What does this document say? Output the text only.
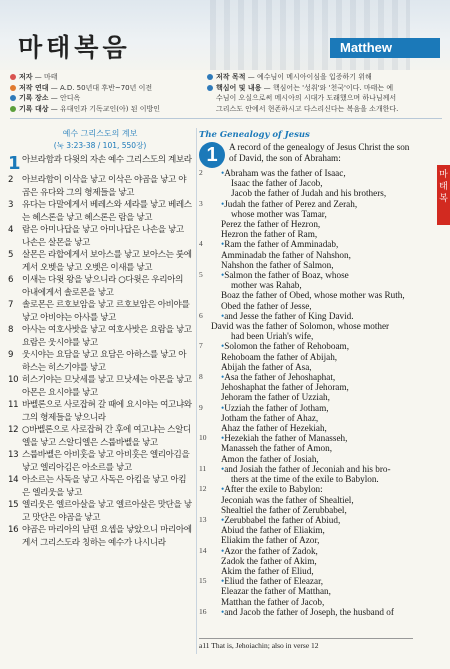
마태복음	Matthew
저자 — 마태
저작 연대 — A.D. 50년대 후반~70년 이전
기록 장소 — 안디옥
기록 대상 — 유대인과 기독교인(아) 된 이방인
저작 목적 — 예수님이 메시아이심을 입증하기 위해
핵심어 및 내용 — 핵심어는 '성취'와 '천국'이다. 마태는 예
수님이 오실으로써 메시아의 시대가 도래했으며 하나님께서
그리스도 안에서 현존하시고 다스리신다는 복음을 소개한다.
예수 그리스도의 계보
(눅 3:23-38 / 101, 550장)
1 아브라함과 다윗의 자손 예수 그리스도의 계보라
2	아브라함이 이삭을 낳고 이삭은 야곱을 낳고 야곱은 유다와 그의 형제들을 낳고
3	유다는 다말에게서 베레스와 세라를 낳고 베레스는 헤스론을 낳고 헤스론은 람을 낳고
4	람은 아미나답을 낳고 아미나답은 나손을 낳고 나손은 살몬을 낳고
5	살몬은 라합에게서 보아스를 낳고 보아스는 룻에게서 오벳을 낳고 오벳은 이새를 낳고
6	이새는 다윗 왕을 낳으니라 ○다윗은 우리아의 아내에게서 솔로몬을 낳고
7	솔로몬은 르호보암을 낳고 르호보암은 아비야를 낳고 아비야는 아사를 낳고
8	아사는 여호사밧을 낳고 여호사밧은 요람을 낳고 요람은 웃시야를 낳고
9	웃시야는 요담을 낳고 요담은 아하스를 낳고 아하스는 히스기야를 낳고
10 히스기야는 므낫세를 낳고 므낫세는 아몬을 낳고 아몬은 요시야를 낳고
11 바벨론으로 사로잡혀 갈 때에 요시야는 여고냐와 그의 형제들을 낳으니라
12 ○바벨론으로 사로잡혀 간 후에 여고냐는 스알디엘을 낳고 스알디엘은 스룹바벨을 낳고
13 스룹바벨은 아비훗을 낳고 아비훗은 엘리아김을 낳고 엘리아김은 아소르를 낳고
14 아소르는 사독을 낳고 사독은 아킴을 낳고 아킴은 엘리웃을 낳고
15 엘리웃은 엘르아살을 낳고 엘르아살은 맛단을 낳고 맛단은 야곱을 낳고
16 야곱은 마리아의 남편 요셉을 낳았으니 마리아에게서 그리스도라 칭하는 예수가 나시니라
The Genealogy of Jesus
1	A record of the genealogy of Jesus Christ the son of David, the son of Abraham:
2	•Abraham was the father of Isaac,
Isaac the father of Jacob,
Jacob the father of Judah and his brothers,
3	•Judah the father of Perez and Zerah,
whose mother was Tamar,
Perez the father of Hezron,
Hezron the father of Ram,
4	•Ram the father of Amminadab,
Amminadab the father of Nahshon,
Nahshon the father of Salmon,
5	•Salmon the father of Boaz, whose
mother was Rahab,
Boaz the father of Obed, whose mother was Ruth,
Obed the father of Jesse,
6	•and Jesse the father of King David.
David was the father of Solomon, whose mother
had been Uriah's wife,
7	•Solomon the father of Rehoboam,
Rehoboam the father of Abijah,
Abijah the father of Asa,
8	•Asa the father of Jehoshaphat,
Jehoshaphat the father of Jehoram,
Jehoram the father of Uzziah,
9	•Uzziah the father of Jotham,
Jotham the father of Ahaz,
Ahaz the father of Hezekiah,
10	•Hezekiah the father of Manasseh,
Manasseh the father of Amon,
Amon the father of Josiah,
11	•and Josiah the father of Jeconiah and his bro-
thers at the time of the exile to Babylon.
12	•After the exile to Babylon:
Jeconiah was the father of Shealtiel,
Shealtiel the father of Zerubbabel,
13	•Zerubbabel the father of Abiud,
Abiud the father of Eliakim,
Eliakim the father of Azor,
14	•Azor the father of Zadok,
Zadok the father of Akim,
Akim the father of Eliud,
15	•Eliud the father of Eleazar,
Eleazar the father of Matthan,
Matthan the father of Jacob,
16	•and Jacob the father of Joseph, the husband of
a11 That is, Jehoiachin; also in verse 12
마태복
